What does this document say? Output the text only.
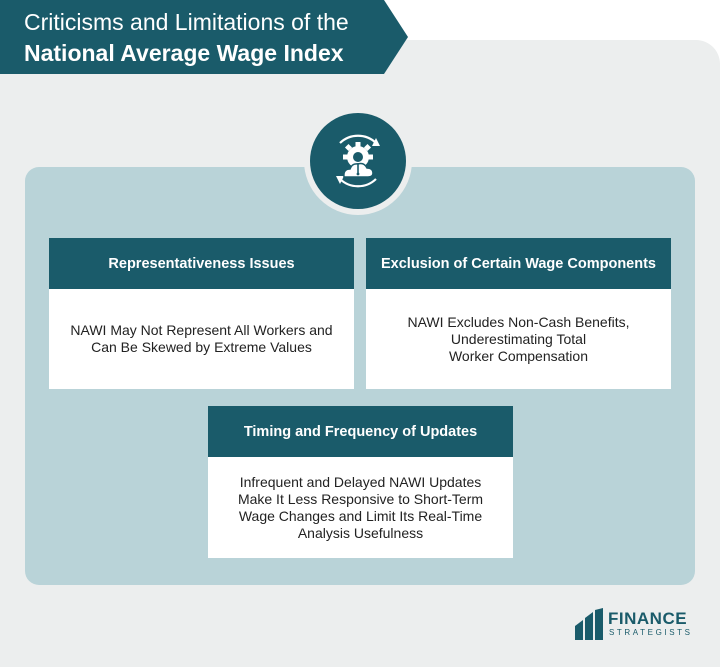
Criticisms and Limitations of the
National Average Wage Index
Representativeness Issues
NAWI May Not Represent All Workers and
Can Be Skewed by Extreme Values
Exclusion of Certain Wage Components
NAWI Excludes Non-Cash Benefits,
Underestimating Total
Worker Compensation
Timing and Frequency of Updates
Infrequent and Delayed NAWI Updates
Make It Less Responsive to Short-Term
Wage Changes and Limit Its Real-Time
Analysis Usefulness
FINANCE
STRATEGISTS
